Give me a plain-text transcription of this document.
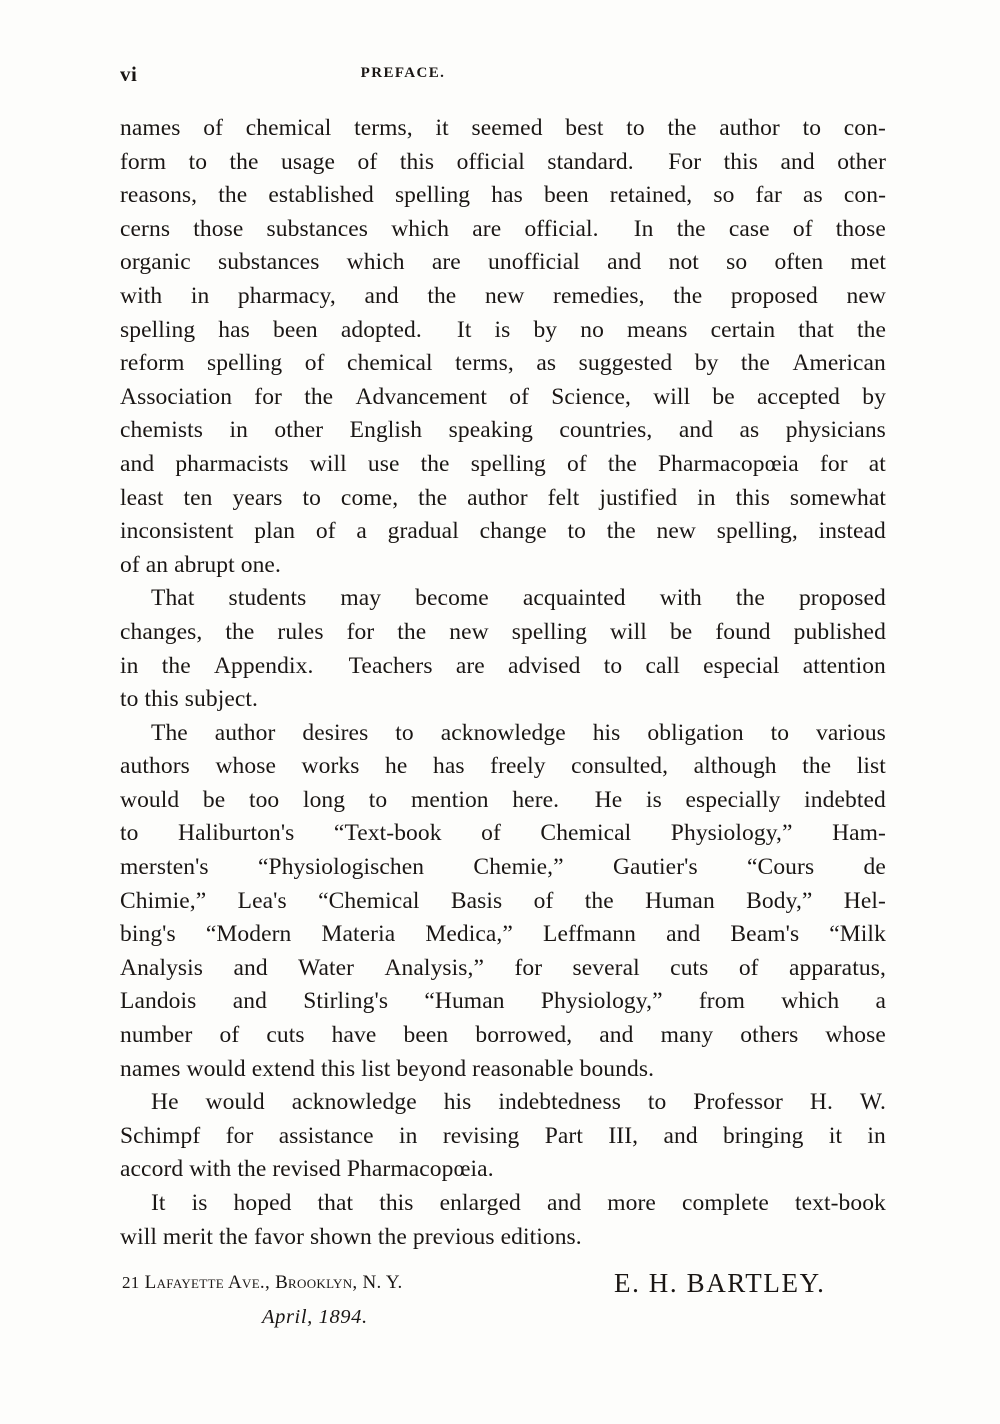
vi	PREFACE.
names of chemical terms, it seemed best to the author to con-
form to the usage of this official standard. For this and other
reasons, the established spelling has been retained, so far as con-
cerns those substances which are official. In the case of those
organic substances which are unofficial and not so often met
with in pharmacy, and the new remedies, the proposed new
spelling has been adopted. It is by no means certain that the
reform spelling of chemical terms, as suggested by the American
Association for the Advancement of Science, will be accepted by
chemists in other English speaking countries, and as physicians
and pharmacists will use the spelling of the Pharmacopœia for at
least ten years to come, the author felt justified in this somewhat
inconsistent plan of a gradual change to the new spelling, instead
of an abrupt one.
That students may become acquainted with the proposed
changes, the rules for the new spelling will be found published
in the Appendix. Teachers are advised to call especial attention
to this subject.
The author desires to acknowledge his obligation to various
authors whose works he has freely consulted, although the list
would be too long to mention here. He is especially indebted
to Haliburton's “Text-book of Chemical Physiology,” Ham-
mersten's “Physiologischen Chemie,” Gautier's “Cours de
Chimie,” Lea's “Chemical Basis of the Human Body,” Hel-
bing's “Modern Materia Medica,” Leffmann and Beam's “Milk
Analysis and Water Analysis,” for several cuts of apparatus,
Landois and Stirling's “Human Physiology,” from which a
number of cuts have been borrowed, and many others whose
names would extend this list beyond reasonable bounds.
He would acknowledge his indebtedness to Professor H. W.
Schimpf for assistance in revising Part III, and bringing it in
accord with the revised Pharmacopœia.
It is hoped that this enlarged and more complete text-book
will merit the favor shown the previous editions.
21 Lafayette Ave., Brooklyn, N. Y.	E. H. BARTLEY.
April, 1894.
